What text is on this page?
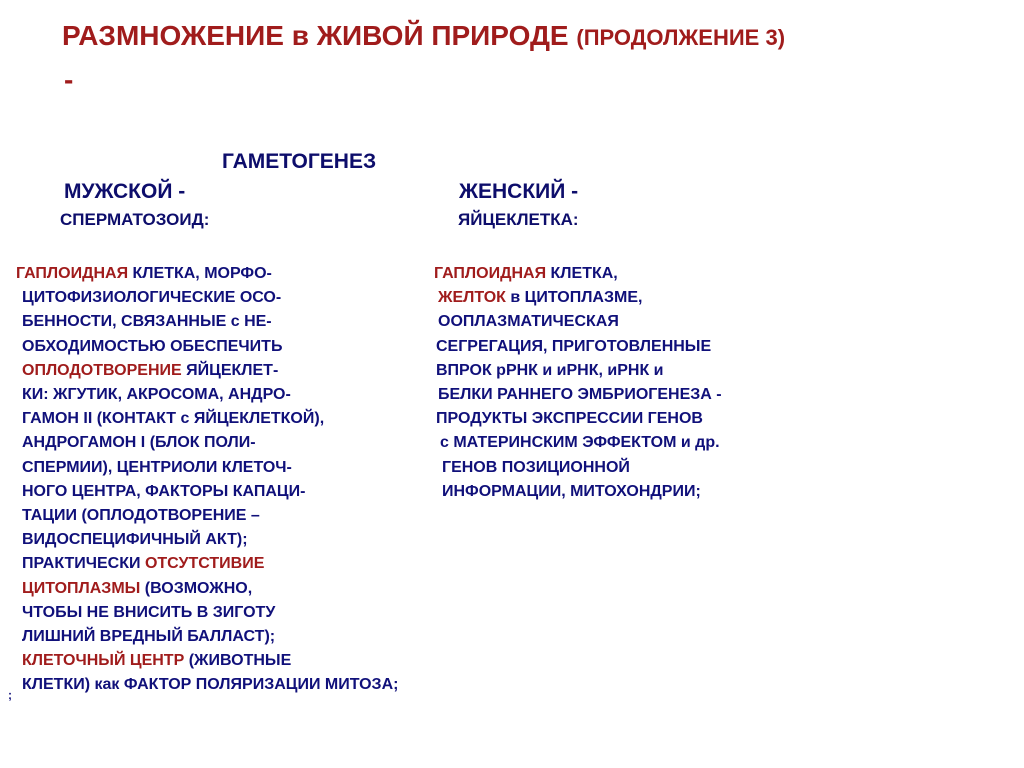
РАЗМНОЖЕНИЕ в ЖИВОЙ ПРИРОДЕ (ПРОДОЛЖЕНИЕ 3)
-
ГАМЕТОГЕНЕЗ
МУЖСКОЙ -	ЖЕНСКИЙ -
СПЕРМАТОЗОИД:	ЯЙЦЕКЛЕТКА:
ГАПЛОИДНАЯ КЛЕТКА, МОРФО-
ЦИТОФИЗИОЛОГИЧЕСКИЕ ОСО-
БЕННОСТИ, СВЯЗАННЫЕ с НЕ-
ОБХОДИМОСТЬЮ ОБЕСПЕЧИТЬ
ОПЛОДОТВОРЕНИЕ ЯЙЦЕКЛЕТ-
КИ: ЖГУТИК, АКРОСОМА, АНДРО-
ГАМОН II (КОНТАКТ с ЯЙЦЕКЛЕТКОЙ),
АНДРОГАМОН I (БЛОК ПОЛИ-
СПЕРМИИ), ЦЕНТРИОЛИ КЛЕТОЧ-
НОГО ЦЕНТРА, ФАКТОРЫ КАПАЦИ-
ТАЦИИ (ОПЛОДОТВОРЕНИЕ –
ВИДОСПЕЦИФИЧНЫЙ АКТ);
ПРАКТИЧЕСКИ ОТСУТСТИВИЕ
ЦИТОПЛАЗМЫ (ВОЗМОЖНО,
ЧТОБЫ НЕ ВНИСИТЬ В ЗИГОТУ
ЛИШНИЙ ВРЕДНЫЙ БАЛЛАСТ);
КЛЕТОЧНЫЙ ЦЕНТР (ЖИВОТНЫЕ
КЛЕТКИ) как ФАКТОР ПОЛЯРИЗАЦИИ МИТОЗА;
;
ГАПЛОИДНАЯ КЛЕТКА,
ЖЕЛТОК в ЦИТОПЛАЗМЕ,
ООПЛАЗМАТИЧЕСКАЯ
СЕГРЕГАЦИЯ, ПРИГОТОВЛЕННЫЕ
ВПРОК рРНК и иРНК, иРНК и
БЕЛКИ РАННЕГО ЭМБРИОГЕНЕЗА -
ПРОДУКТЫ ЭКСПРЕССИИ ГЕНОВ
с МАТЕРИНСКИМ ЭФФЕКТОМ и др.
ГЕНОВ ПОЗИЦИОННОЙ
ИНФОРМАЦИИ, МИТОХОНДРИИ;
